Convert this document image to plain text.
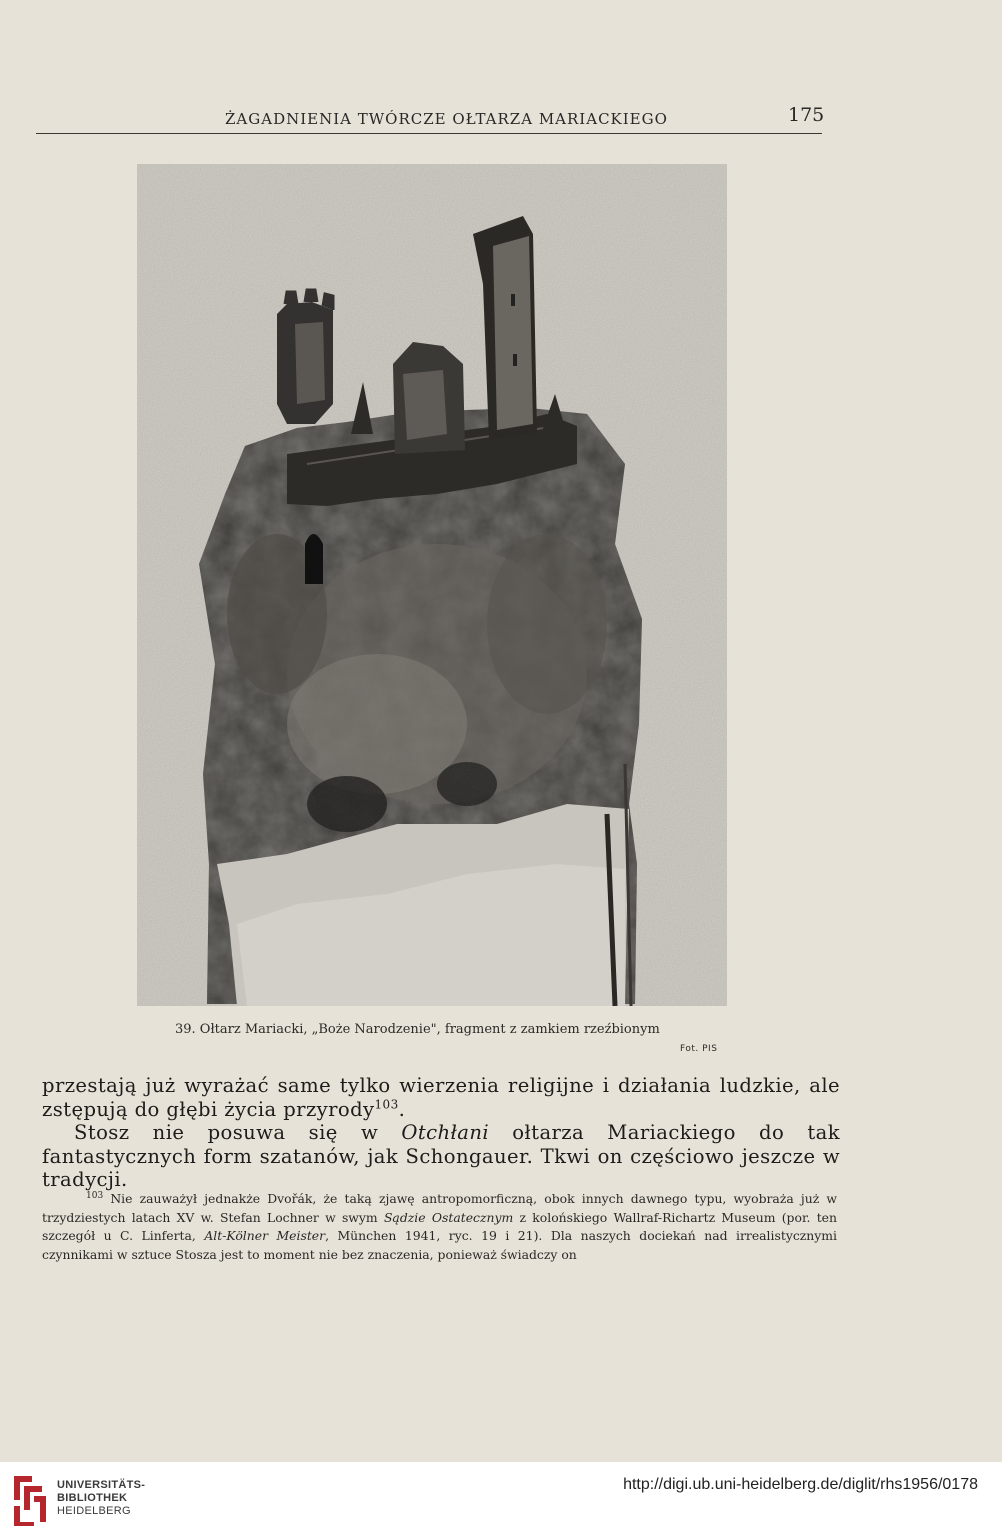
ŻAGADNIENIA TWÓRCZE OŁTARZA MARIACKIEGO	175
39. Ołtarz Mariacki, „Boże Narodzenie", fragment z zamkiem rzeźbionym
Fot. PIS

przestają już wyrażać same tylko wierzenia religijne i działania ludzkie, ale zstępują do głębi życia przyrody$^{103}$.

Stosz nie posuwa się w Otchłani ołtarza Mariackiego do tak fantastycznych form szatanów, jak Schongauer. Tkwi on częściowo jeszcze w tradycji.

$^{103}$ Nie zauważył jednakże Dvořák, że taką zjawę antropomorficzną, obok innych dawnego typu, wyobraża już w trzydziestych latach XV w. Stefan Lochner w swym Sądzie Ostatecznym z kolońskiego Wallraf-Richartz Museum (por. ten szczegół u C. Linferta, Alt-Kölner Meister, München 1941, ryc. 19 i 21). Dla naszych dociekań nad irrealistycznymi czynnikami w sztuce Stosza jest to moment nie bez znaczenia, ponieważ świadczy on
UNIVERSITÄTS-
BIBLIOTHEK
HEIDELBERG
http://digi.ub.uni-heidelberg.de/diglit/rhs1956/0178
